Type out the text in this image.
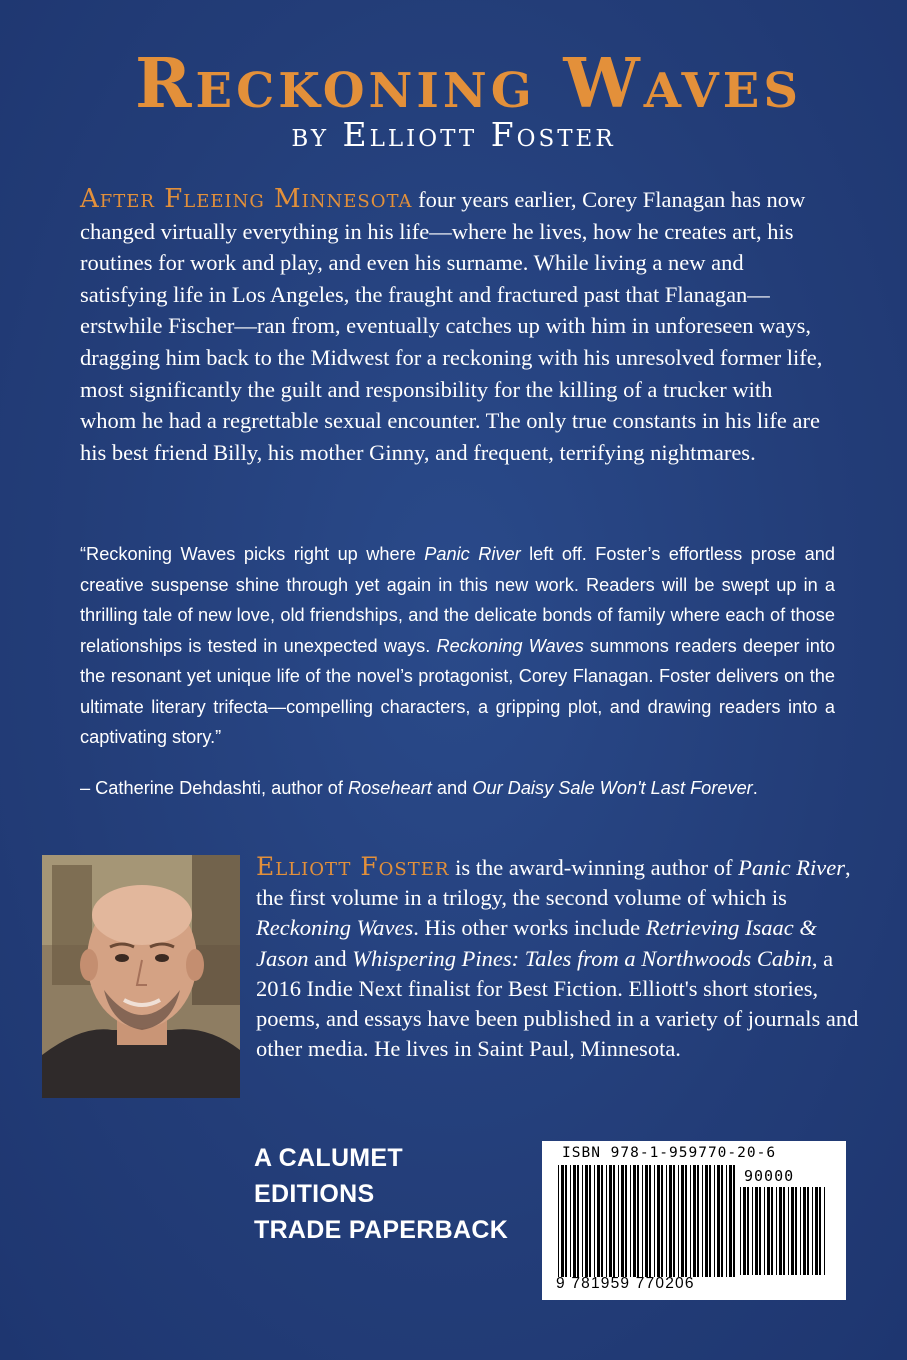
Reckoning Waves
by Elliott Foster

After Fleeing Minnesota four years earlier, Corey Flanagan has now changed virtually everything in his life—where he lives, how he creates art, his routines for work and play, and even his surname. While living a new and satisfying life in Los Angeles, the fraught and fractured past that Flanagan—erstwhile Fischer—ran from, eventually catches up with him in unforeseen ways, dragging him back to the Midwest for a reckoning with his unresolved former life, most significantly the guilt and responsibility for the killing of a trucker with whom he had a regrettable sexual encounter. The only true constants in his life are his best friend Billy, his mother Ginny, and frequent, terrifying nightmares.

“Reckoning Waves picks right up where Panic River left off. Foster’s effortless prose and creative suspense shine through yet again in this new work. Readers will be swept up in a thrilling tale of new love, old friendships, and the delicate bonds of family where each of those relationships is tested in unexpected ways. Reckoning Waves summons readers deeper into the resonant yet unique life of the novel’s protagonist, Corey Flanagan. Foster delivers on the ultimate literary trifecta—compelling characters, a gripping plot, and drawing readers into a captivating story.”

– Catherine Dehdashti, author of Roseheart and Our Daisy Sale Won't Last Forever.

Elliott Foster is the award-winning author of Panic River, the first volume in a trilogy, the second volume of which is Reckoning Waves. His other works include Retrieving Isaac & Jason and Whispering Pines: Tales from a Northwoods Cabin, a 2016 Indie Next finalist for Best Fiction. Elliott's short stories, poems, and essays have been published in a variety of journals and other media. He lives in Saint Paul, Minnesota.

A CALUMET EDITIONS
TRADE PAPERBACK
ISBN 978-1-959770-20-6
90000
9 781959 770206
